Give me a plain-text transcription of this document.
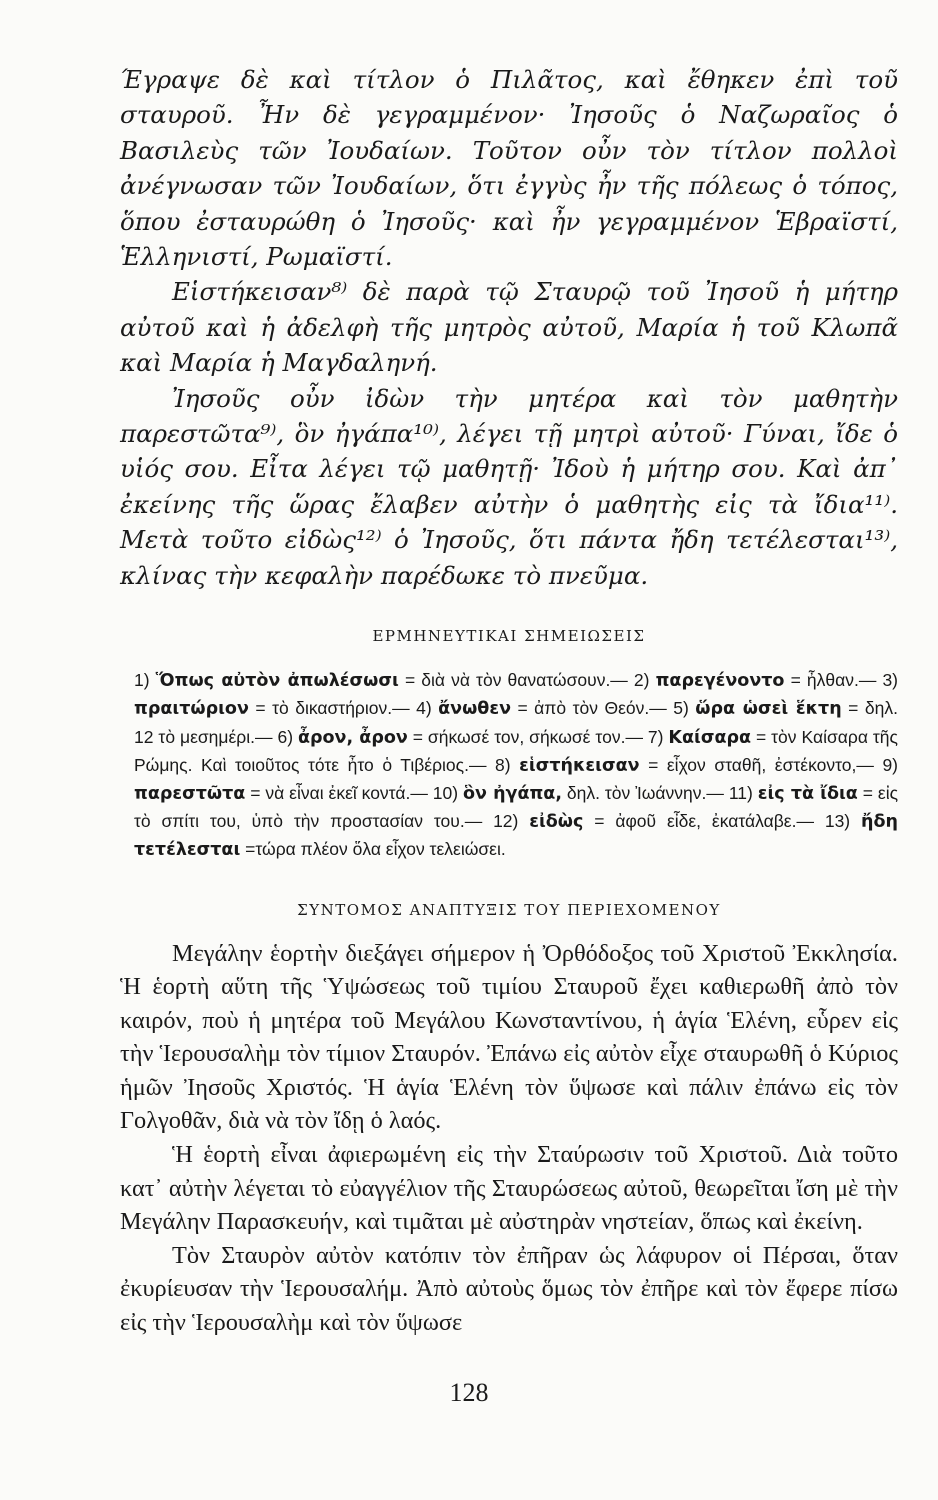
Έγραψε δὲ καὶ τίτλον ὁ Πιλᾶτος, καὶ ἔθηκεν ἐπὶ τοῦ σταυροῦ. Ἦν δὲ γεγραμμένον· Ἰησοῦς ὁ Ναζωραῖος ὁ Βασιλεὺς τῶν Ἰουδαίων. Τοῦτον οὖν τὸν τίτλον πολλοὶ ἀνέγνωσαν τῶν Ἰουδαίων, ὅτι ἐγγὺς ἦν τῆς πόλεως ὁ τόπος, ὅπου ἐσταυρώθη ὁ Ἰησοῦς· καὶ ἦν γεγραμμένον Ἑβραϊστί, Ἑλληνιστί, Ρωμαϊστί.

Εἱστήκεισαν⁸⁾ δὲ παρὰ τῷ Σταυρῷ τοῦ Ἰησοῦ ἡ μήτηρ αὐτοῦ καὶ ἡ ἀδελφὴ τῆς μητρὸς αὐτοῦ, Μαρία ἡ τοῦ Κλωπᾶ καὶ Μαρία ἡ Μαγδαληνή.

Ἰησοῦς οὖν ἰδὼν τὴν μητέρα καὶ τὸν μαθητὴν παρεστῶτα⁹⁾, ὃν ἠγάπα¹⁰⁾, λέγει τῇ μητρὶ αὐτοῦ· Γύναι, ἴδε ὁ υἱός σου. Εἶτα λέγει τῷ μαθητῇ· Ἰδοὺ ἡ μήτηρ σου. Καὶ ἀπ᾿ ἐκείνης τῆς ὥρας ἔλαβεν αὐτὴν ὁ μαθητὴς εἰς τὰ ἴδια¹¹⁾. Μετὰ τοῦτο εἰδὼς¹²⁾ ὁ Ἰησοῦς, ὅτι πάντα ἤδη τετέλεσται¹³⁾, κλίνας τὴν κεφαλὴν παρέδωκε τὸ πνεῦμα.

ΕΡΜΗΝΕΥΤΙΚΑΙ ΣΗΜΕΙΩΣΕΙΣ
1) Ὅπως αὐτὸν ἀπωλέσωσι = διὰ νὰ τὸν θανατώσουν.— 2) παρεγένοντο = ἦλθαν.— 3) πραιτώριον = τὸ δικαστήριον.— 4) ἄνωθεν = ἀπὸ τὸν Θεόν.— 5) ὥρα ὡσεὶ ἕκτη = δηλ. 12 τὸ μεσημέρι.— 6) ἆρον, ἆρον = σήκωσέ τον, σήκωσέ τον.— 7) Καίσαρα = τὸν Καίσαρα τῆς Ρώμης. Καὶ τοιοῦτος τότε ἦτο ὁ Τιβέριος.— 8) εἱστήκεισαν = εἶχον σταθῆ, ἐστέκοντο,— 9) παρεστῶτα = νὰ εἶναι ἐκεῖ κοντά.— 10) ὃν ἠγάπα, δηλ. τὸν Ἰωάννην.— 11) εἰς τὰ ἴδια = εἰς τὸ σπίτι του, ὑπὸ τὴν προστασίαν του.— 12) εἰδὼς = ἀφοῦ εἶδε, ἐκατάλαβε.— 13) ἤδη τετέλεσται =τώρα πλέον ὅλα εἶχον τελειώσει.
ΣΥΝΤΟΜΟΣ ΑΝΑΠΤΥΞΙΣ ΤΟΥ ΠΕΡΙΕΧΟΜΕΝΟΥ

Μεγάλην ἑορτὴν διεξάγει σήμερον ἡ Ὀρθόδοξος τοῦ Χριστοῦ Ἐκκλησία. Ἡ ἑορτὴ αὕτη τῆς Ὑψώσεως τοῦ τιμίου Σταυροῦ ἔχει καθιερωθῆ ἀπὸ τὸν καιρόν, ποὺ ἡ μητέρα τοῦ Μεγάλου Κωνσταντίνου, ἡ ἁγία Ἑλένη, εὗρεν εἰς τὴν Ἱερουσαλὴμ τὸν τίμιον Σταυρόν. Ἐπάνω εἰς αὐτὸν εἶχε σταυρωθῆ ὁ Κύριος ἡμῶν Ἰησοῦς Χριστός. Ἡ ἁγία Ἑλένη τὸν ὕψωσε καὶ πάλιν ἐπάνω εἰς τὸν Γολγοθᾶν, διὰ νὰ τὸν ἴδῃ ὁ λαός.

Ἡ ἑορτὴ εἶναι ἀφιερωμένη εἰς τὴν Σταύρωσιν τοῦ Χριστοῦ. Διὰ τοῦτο κατ᾿ αὐτὴν λέγεται τὸ εὐαγγέλιον τῆς Σταυρώσεως αὐτοῦ, θεωρεῖται ἴση μὲ τὴν Μεγάλην Παρασκευήν, καὶ τιμᾶται μὲ αὐστηρὰν νηστείαν, ὅπως καὶ ἐκείνη.

Τὸν Σταυρὸν αὐτὸν κατόπιν τὸν ἐπῆραν ὡς λάφυρον οἱ Πέρσαι, ὅταν ἐκυρίευσαν τὴν Ἱερουσαλήμ. Ἀπὸ αὐτοὺς ὅμως τὸν ἐπῆρε καὶ τὸν ἔφερε πίσω εἰς τὴν Ἱερουσαλὴμ καὶ τὸν ὕψωσε

128
